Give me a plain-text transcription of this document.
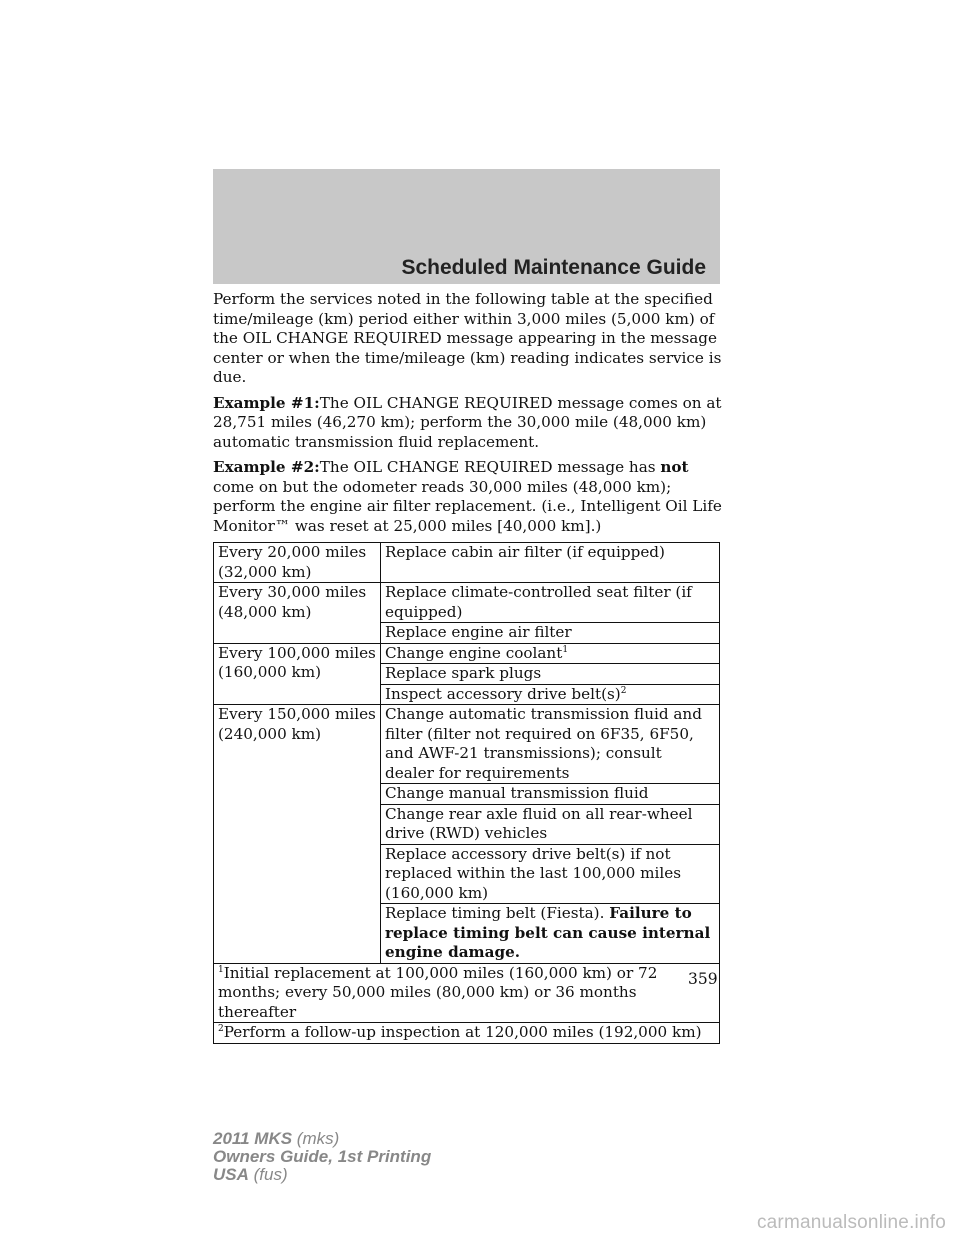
Scheduled Maintenance Guide

Perform the services noted in the following table at the specified time/mileage (km) period either within 3,000 miles (5,000 km) of the OIL CHANGE REQUIRED message appearing in the message center or when the time/mileage (km) reading indicates service is due.

Example #1:The OIL CHANGE REQUIRED message comes on at 28,751 miles (46,270 km); perform the 30,000 mile (48,000 km) automatic transmission fluid replacement.

Example #2:The OIL CHANGE REQUIRED message has not come on but the odometer reads 30,000 miles (48,000 km); perform the engine air filter replacement. (i.e., Intelligent Oil Life Monitor™ was reset at 25,000 miles [40,000 km].)

Every 20,000 miles (32,000 km)	Replace cabin air filter (if equipped)
Every 30,000 miles (48,000 km)	Replace climate-controlled seat filter (if equipped)
	Replace engine air filter
Every 100,000 miles (160,000 km)	Change engine coolant$^1$
	Replace spark plugs
	Inspect accessory drive $belt(s)^2$
Every 150,000 miles (240,000 km)	Change automatic transmission fluid and filter (filter not required on 6F35, 6F50, and AWF-21 transmissions); consult dealer for requirements
	Change manual transmission fluid
	Change rear axle fluid on all rear-wheel drive (RWD) vehicles
	Replace accessory drive belt(s) if not replaced within the last 100,000 miles (160,000 km)
	Replace timing belt (Fiesta). Failure to replace timing belt can cause internal engine damage.
$^1$Initial replacement at 100,000 miles (160,000 km) or 72 months; every 50,000 miles (80,000 km) or 36 months thereafter	
$^2$Perform a follow-up inspection at 120,000 miles (192,000 km)	
359
2011 MKS (mks)
Owners Guide, 1st Printing
USA (fus)
carmanualsonline.info
